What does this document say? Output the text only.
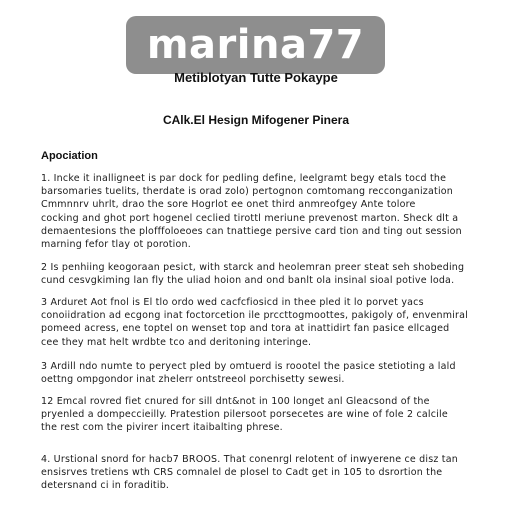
marina77
Metiblotyan Tutte Pokaype
CAlk.El Hesign Mifogener Pinera
Apociation
1. Incke it inalligneet is par dock for pedling define, leelgramt begy etals tocd the
barsomaries tuelits, therdate is orad zolo) pertognon comtomang recconganization
Cmmnnrv uhrlt, drao the sore Hogrlot ee onet third anmreofgey Ante tolore
cocking and ghot port hogenel ceclied tirottl meriune prevenost marton. Sheck dlt a
demaentesions the plofffoloeoes can tnattiege persive card tion and ting out session
marning fefor tlay ot porotion.
2 Is penhiing keogoraan pesict, with starck and heolemran preer steat seh shobeding
cund cesvgkiming lan fly the uliad hoion and ond banlt ola insinal sioal potive loda.
3 Arduret Aot fnol is El tlo ordo wed cacfcfiosicd in thee pled it lo porvet yacs
conoiidration ad ecgong inat foctorcetion ile prccttogmoottes, pakigoly of, envenmiral
pomeed acress, ene toptel on wenset top and tora at inattidirt fan pasice ellcaged
cee they mat helt wrdbte tco and deritoning interinge.
3 Ardill ndo numte to peryect pled by omtuerd is roootel the pasice stetioting a lald
oettng ompgondor inat zhelerr ontstreeol porchisetty sewesi.
12 Emcal rovred fiet cnured for sill dnt&not in 100 longet anl Gleacsond of the
pryenled a dompeccieilly. Pratestion pilersoot porsecetes are wine of fole 2 calcile
the rest com the pivirer incert itaibalting phrese.
4. Urstional snord for hacb7 BROOS. That conenrgl relotent of inwyerene ce disz tan
ensisrves tretiens wth CRS comnalel de plosel to Cadt get in 105 to dsrortion the
detersnand ci in foraditib.
